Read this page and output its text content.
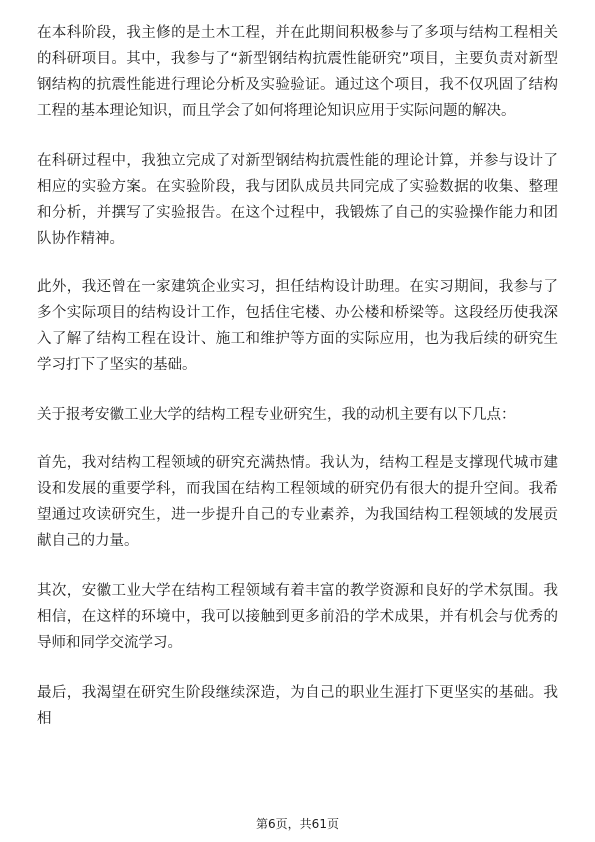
在本科阶段，我主修的是土木工程，并在此期间积极参与了多项与结构工程相关的科研项目。其中，我参与了“新型钢结构抗震性能研究”项目，主要负责对新型钢结构的抗震性能进行理论分析及实验验证。通过这个项目，我不仅巩固了结构工程的基本理论知识，而且学会了如何将理论知识应用于实际问题的解决。

在科研过程中，我独立完成了对新型钢结构抗震性能的理论计算，并参与设计了相应的实验方案。在实验阶段，我与团队成员共同完成了实验数据的收集、整理和分析，并撰写了实验报告。在这个过程中，我锻炼了自己的实验操作能力和团队协作精神。

此外，我还曾在一家建筑企业实习，担任结构设计助理。在实习期间，我参与了多个实际项目的结构设计工作，包括住宅楼、办公楼和桥梁等。这段经历使我深入了解了结构工程在设计、施工和维护等方面的实际应用，也为我后续的研究生学习打下了坚实的基础。

关于报考安徽工业大学的结构工程专业研究生，我的动机主要有以下几点：

首先，我对结构工程领域的研究充满热情。我认为，结构工程是支撑现代城市建设和发展的重要学科，而我国在结构工程领域的研究仍有很大的提升空间。我希望通过攻读研究生，进一步提升自己的专业素养，为我国结构工程领域的发展贡献自己的力量。

其次，安徽工业大学在结构工程领域有着丰富的教学资源和良好的学术氛围。我相信，在这样的环境中，我可以接触到更多前沿的学术成果，并有机会与优秀的导师和同学交流学习。

最后，我渴望在研究生阶段继续深造，为自己的职业生涯打下更坚实的基础。我相

第6页，共61页
